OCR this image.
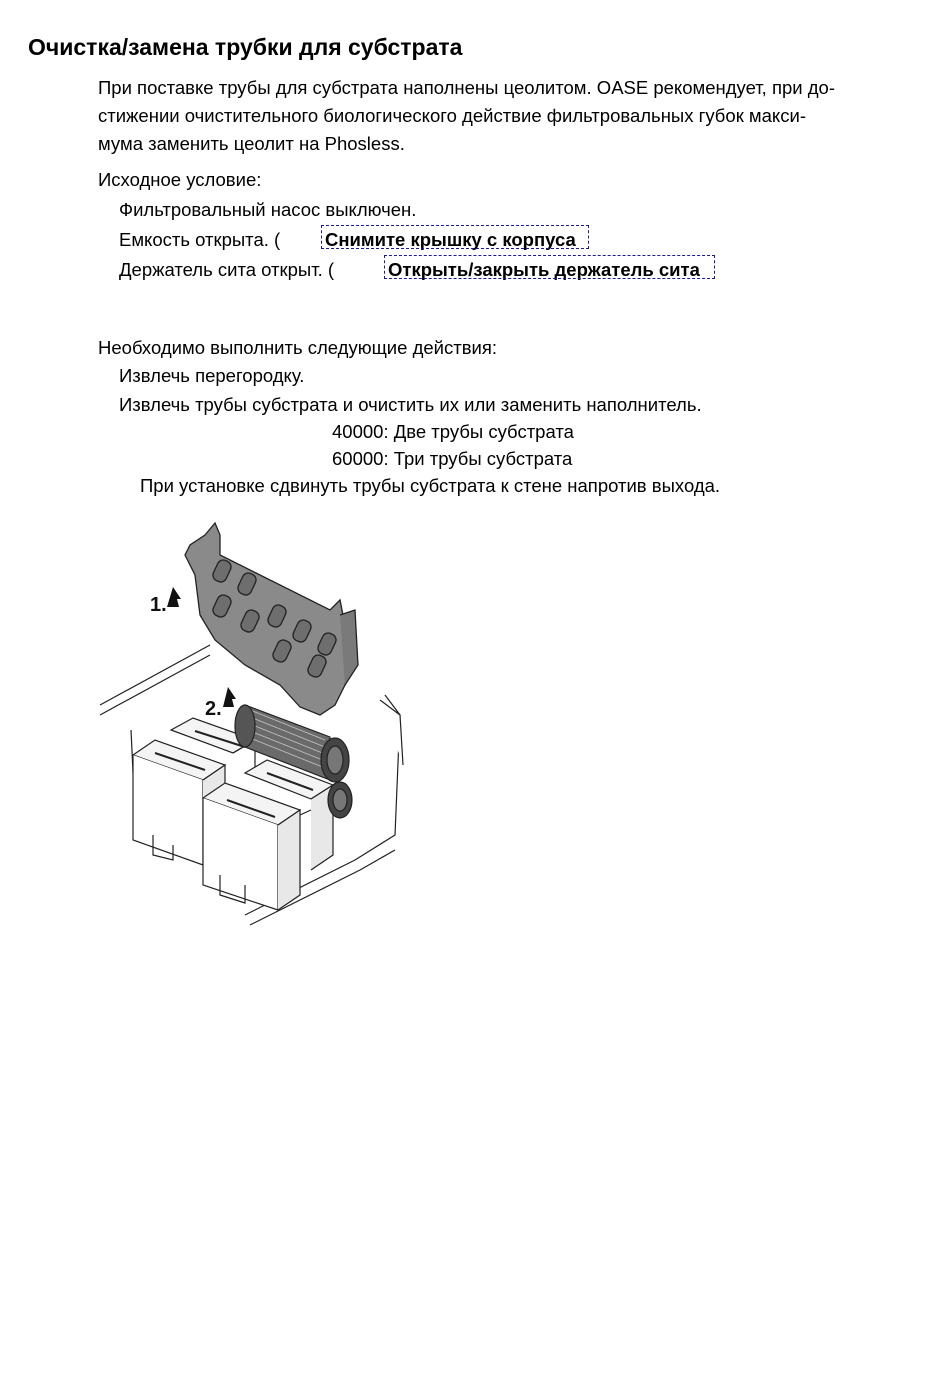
Очистка/замена трубки для субстрата
При поставке трубы для субстрата наполнены цеолитом. OASE рекомендует, при до-
стижении очистительного биологического действие фильтровальных губок макси-
мума заменить цеолит на Phosless.
Исходное условие:
Фильтровальный насос выключен.
Емкость открыта. ( Снимите крышку с корпуса
Держатель сита открыт. (	Открыть/закрыть держатель сита
Необходимо выполнить следующие действия:
Извлечь перегородку.
Извлечь трубы субстрата и очистить их или заменить наполнитель.
40000: Две трубы субстрата
60000: Три трубы субстрата
При установке сдвинуть трубы субстрата к стене напротив выхода.
1.
2.
